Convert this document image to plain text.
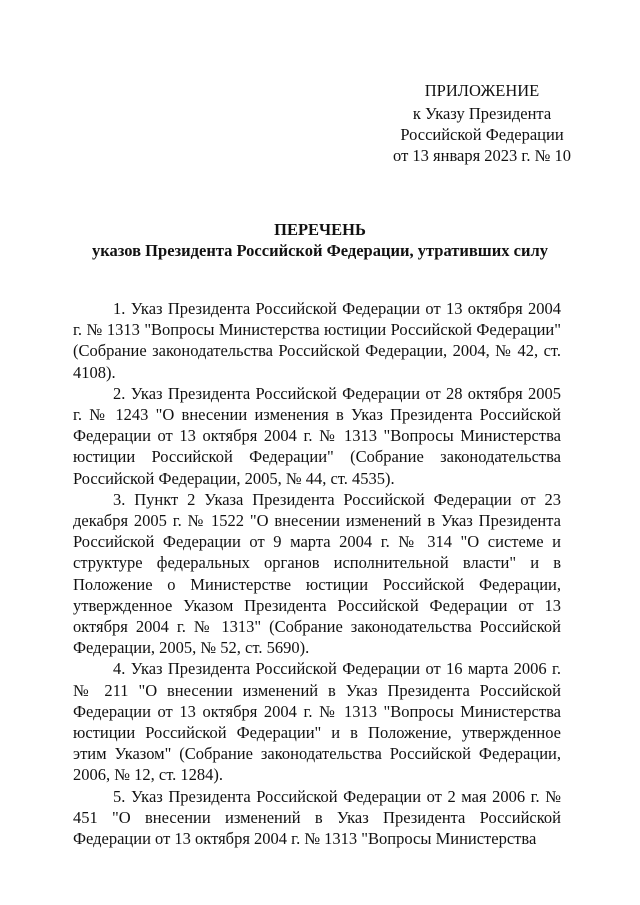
ПРИЛОЖЕНИЕ
к Указу Президента
Российской Федерации
от 13 января 2023 г. № 10
ПЕРЕЧЕНЬ
указов Президента Российской Федерации, утративших силу

1. Указ Президента Российской Федерации от 13 октября 2004 г. № 1313 "Вопросы Министерства юстиции Российской Федерации" (Собрание законодательства Российской Федерации, 2004, № 42, ст. 4108).

2. Указ Президента Российской Федерации от 28 октября 2005 г. № 1243 "О внесении изменения в Указ Президента Российской Федерации от 13 октября 2004 г. № 1313 "Вопросы Министерства юстиции Российской Федерации" (Собрание законодательства Российской Федерации, 2005, № 44, ст. 4535).

3. Пункт 2 Указа Президента Российской Федерации от 23 декабря 2005 г. № 1522 "О внесении изменений в Указ Президента Российской Федерации от 9 марта 2004 г. № 314 "О системе и структуре федеральных органов исполнительной власти" и в Положение о Министерстве юстиции Российской Федерации, утвержденное Указом Президента Российской Федерации от 13 октября 2004 г. № 1313" (Собрание законодательства Российской Федерации, 2005, № 52, ст. 5690).

4. Указ Президента Российской Федерации от 16 марта 2006 г. № 211 "О внесении изменений в Указ Президента Российской Федерации от 13 октября 2004 г. № 1313 "Вопросы Министерства юстиции Российской Федерации" и в Положение, утвержденное этим Указом" (Собрание законодательства Российской Федерации, 2006, № 12, ст. 1284).

5. Указ Президента Российской Федерации от 2 мая 2006 г. № 451 "О внесении изменений в Указ Президента Российской Федерации от 13 октября 2004 г. № 1313 "Вопросы Министерства
